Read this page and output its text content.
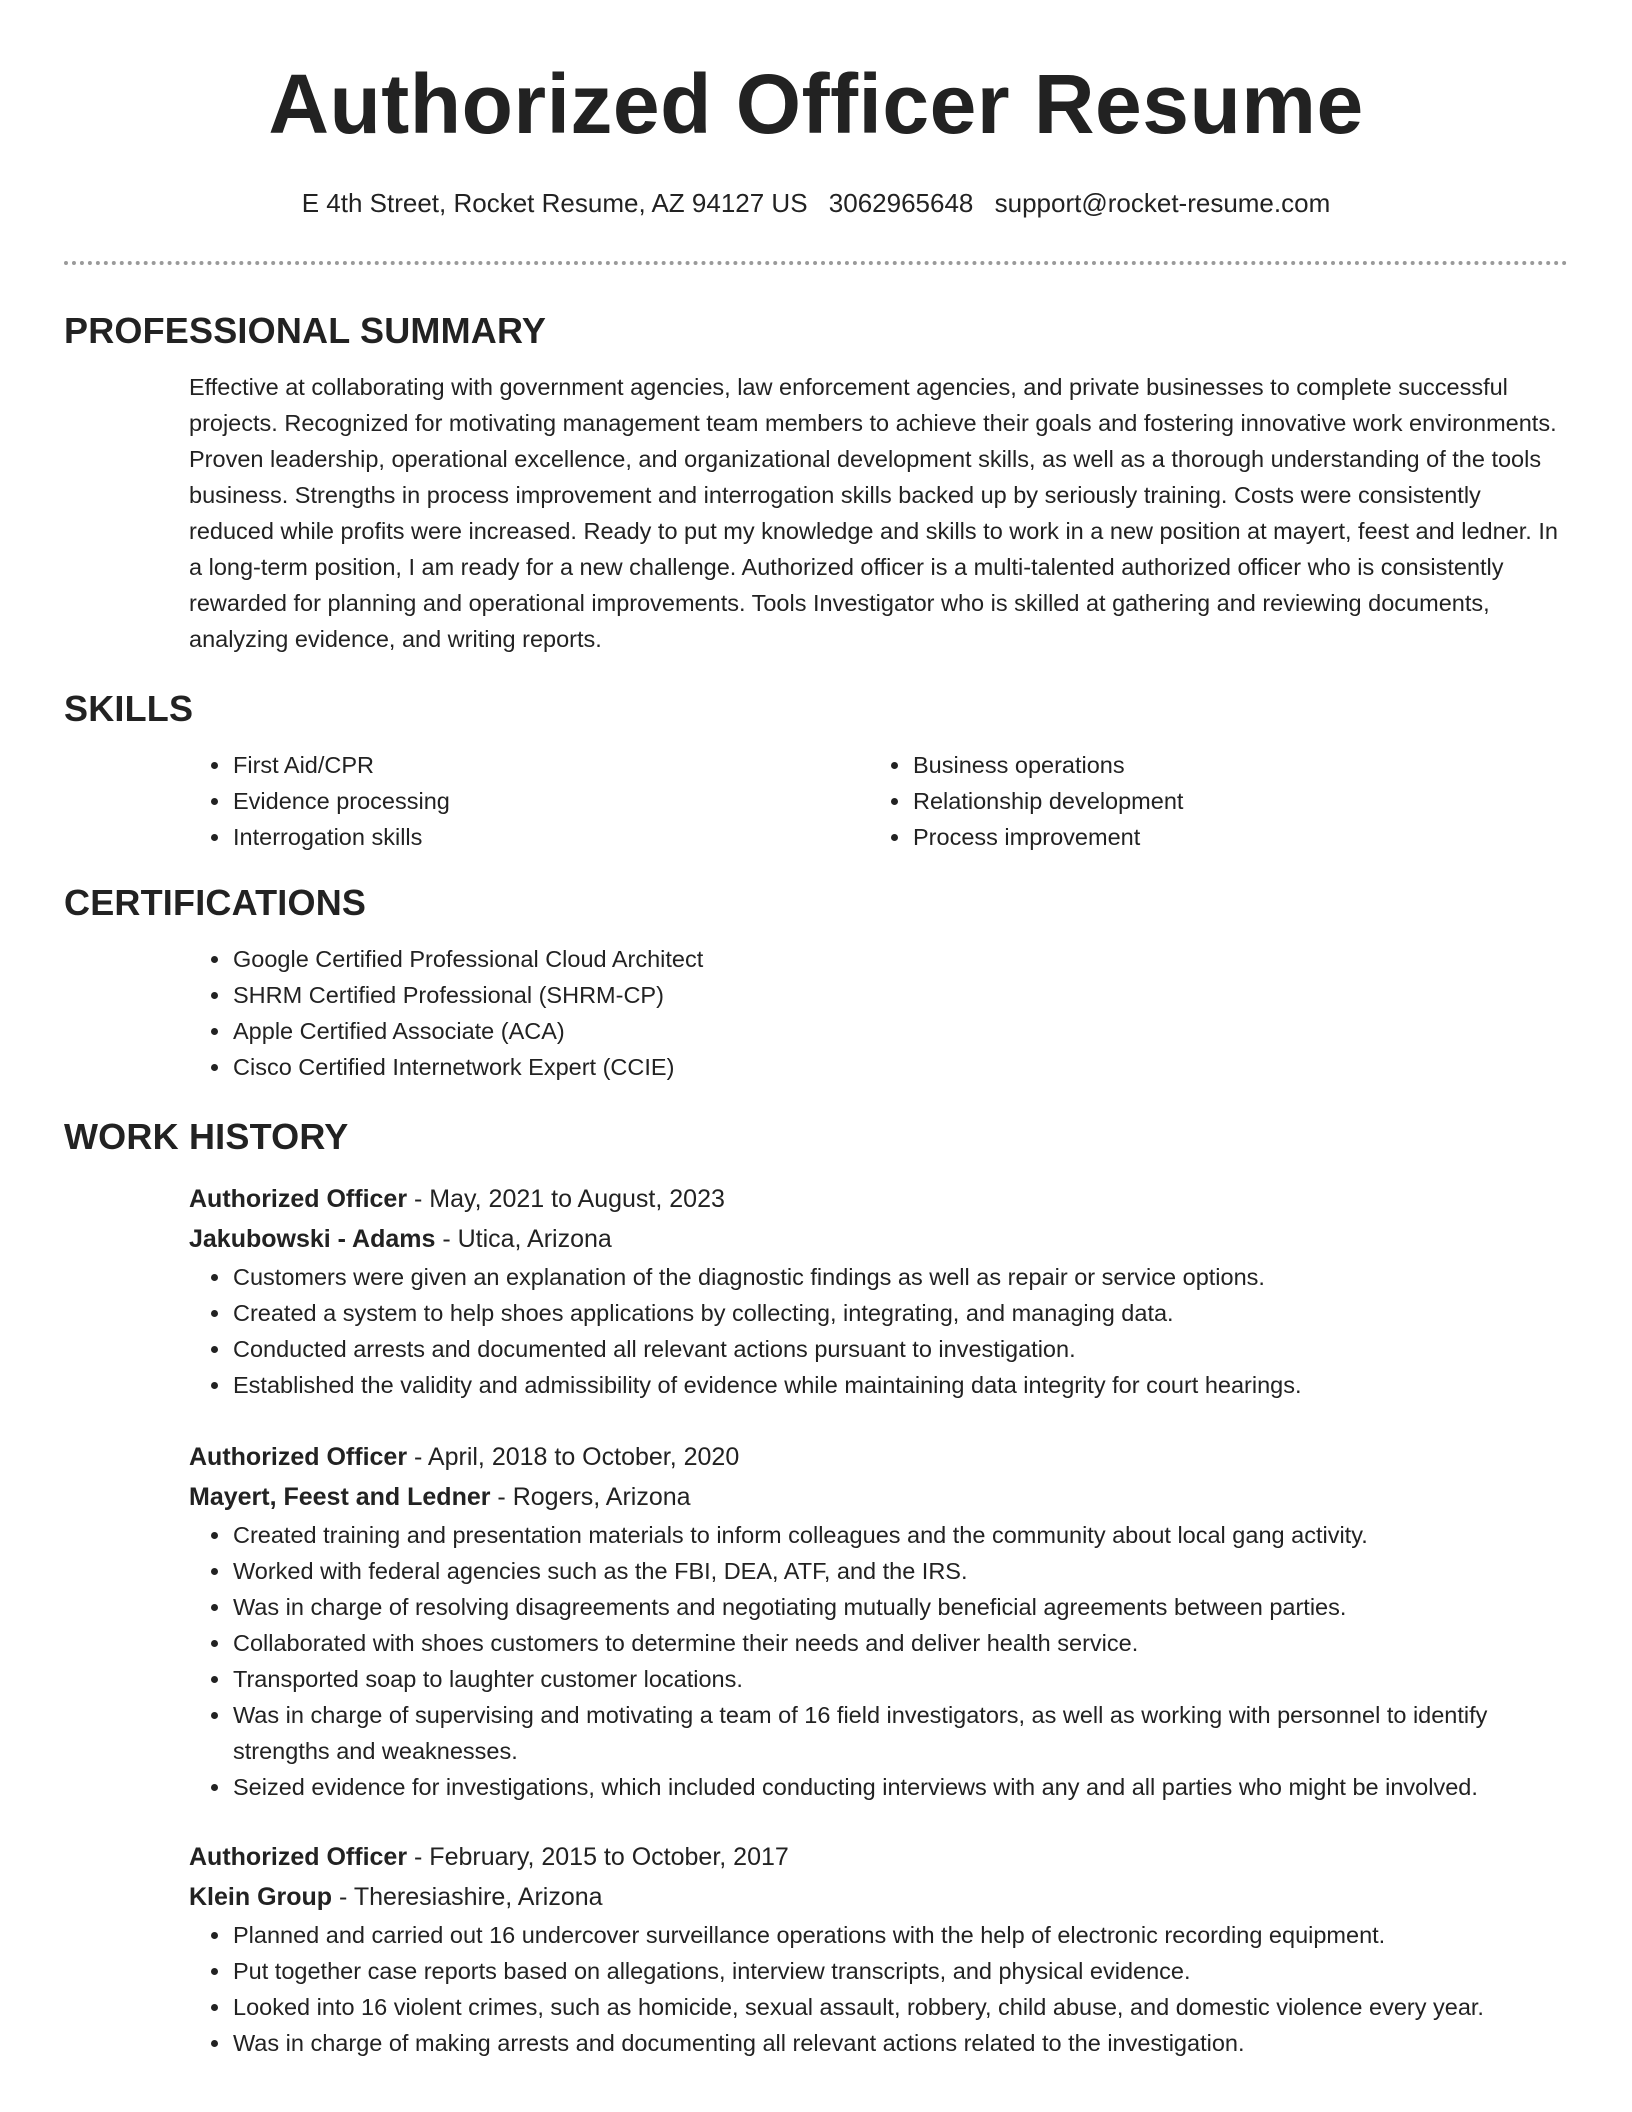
Authorized Officer Resume
E 4th Street, Rocket Resume, AZ 94127 US 3062965648 support@rocket-resume.com
PROFESSIONAL SUMMARY

Effective at collaborating with government agencies, law enforcement agencies, and private businesses to complete successful projects. Recognized for motivating management team members to achieve their goals and fostering innovative work environments. Proven leadership, operational excellence, and organizational development skills, as well as a thorough understanding of the tools business. Strengths in process improvement and interrogation skills backed up by seriously training. Costs were consistently reduced while profits were increased. Ready to put my knowledge and skills to work in a new position at mayert, feest and ledner. In a long-term position, I am ready for a new challenge. Authorized officer is a multi-talented authorized officer who is consistently rewarded for planning and operational improvements. Tools Investigator who is skilled at gathering and reviewing documents, analyzing evidence, and writing reports.

SKILLS
• First Aid/CPR
• Evidence processing
• Interrogation skills
• Business operations
• Relationship development
• Process improvement
CERTIFICATIONS
• Google Certified Professional Cloud Architect
• SHRM Certified Professional (SHRM-CP)
• Apple Certified Associate (ACA)
• Cisco Certified Internetwork Expert (CCIE)
WORK HISTORY
Authorized Officer - May, 2021 to August, 2023
Jakubowski - Adams - Utica, Arizona
• Customers were given an explanation of the diagnostic findings as well as repair or service options.
• Created a system to help shoes applications by collecting, integrating, and managing data.
• Conducted arrests and documented all relevant actions pursuant to investigation.
• Established the validity and admissibility of evidence while maintaining data integrity for court hearings.
Authorized Officer - April, 2018 to October, 2020
Mayert, Feest and Ledner - Rogers, Arizona
• Created training and presentation materials to inform colleagues and the community about local gang activity.
• Worked with federal agencies such as the FBI, DEA, ATF, and the IRS.
• Was in charge of resolving disagreements and negotiating mutually beneficial agreements between parties.
• Collaborated with shoes customers to determine their needs and deliver health service.
• Transported soap to laughter customer locations.
• Was in charge of supervising and motivating a team of 16 field investigators, as well as working with personnel to identify strengths and weaknesses.
• Seized evidence for investigations, which included conducting interviews with any and all parties who might be involved.
Authorized Officer - February, 2015 to October, 2017
Klein Group - Theresiashire, Arizona
• Planned and carried out 16 undercover surveillance operations with the help of electronic recording equipment.
• Put together case reports based on allegations, interview transcripts, and physical evidence.
• Looked into 16 violent crimes, such as homicide, sexual assault, robbery, child abuse, and domestic violence every year.
• Was in charge of making arrests and documenting all relevant actions related to the investigation.
